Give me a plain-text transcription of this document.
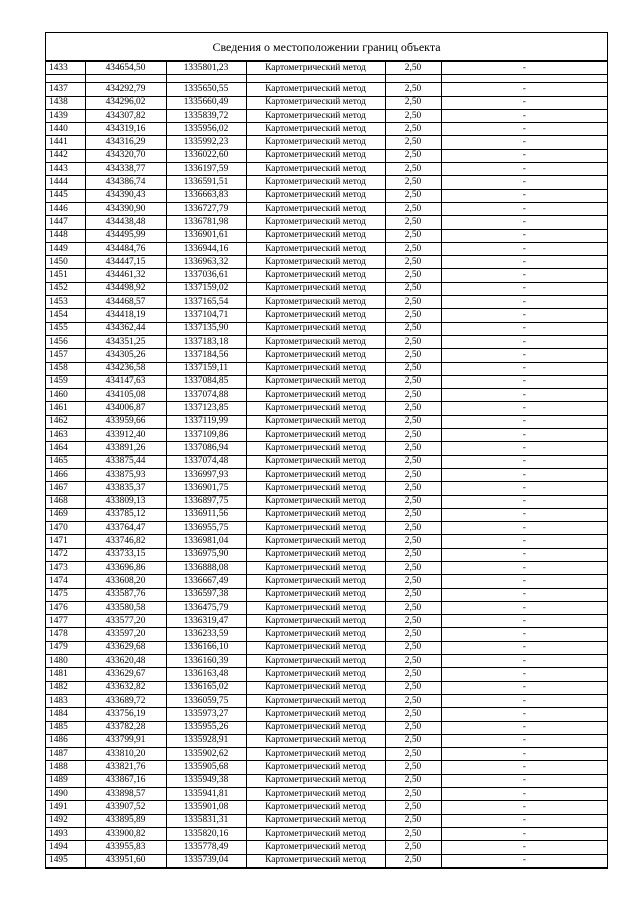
Сведения о местоположении границ объекта
1433	434654,50	1335801,23	Картометрический метод	2,50	-

1437	434292,79	1335650,55	Картометрический метод	2,50	-
1438	434296,02	1335660,49	Картометрический метод	2,50	-
1439	434307,82	1335839,72	Картометрический метод	2,50	-
1440	434319,16	1335956,02	Картометрический метод	2,50	-
1441	434316,29	1335992,23	Картометрический метод	2,50	-
1442	434320,70	1336022,60	Картометрический метод	2,50	-
1443	434338,77	1336197,59	Картометрический метод	2,50	-
1444	434386,74	1336591,51	Картометрический метод	2,50	-
1445	434390,43	1336663,83	Картометрический метод	2,50	-
1446	434390,90	1336727,79	Картометрический метод	2,50	-
1447	434438,48	1336781,98	Картометрический метод	2,50	-
1448	434495,99	1336901,61	Картометрический метод	2,50	-
1449	434484,76	1336944,16	Картометрический метод	2,50	-
1450	434447,15	1336963,32	Картометрический метод	2,50	-
1451	434461,32	1337036,61	Картометрический метод	2,50	-
1452	434498,92	1337159,02	Картометрический метод	2,50	-
1453	434468,57	1337165,54	Картометрический метод	2,50	-
1454	434418,19	1337104,71	Картометрический метод	2,50	-
1455	434362,44	1337135,90	Картометрический метод	2,50	-
1456	434351,25	1337183,18	Картометрический метод	2,50	-
1457	434305,26	1337184,56	Картометрический метод	2,50	-
1458	434236,58	1337159,11	Картометрический метод	2,50	-
1459	434147,63	1337084,85	Картометрический метод	2,50	-
1460	434105,08	1337074,88	Картометрический метод	2,50	-
1461	434006,87	1337123,85	Картометрический метод	2,50	-
1462	433959,66	1337119,99	Картометрический метод	2,50	-
1463	433912,40	1337109,86	Картометрический метод	2,50	-
1464	433891,26	1337086,94	Картометрический метод	2,50	-
1465	433875,44	1337074,48	Картометрический метод	2,50	-
1466	433875,93	1336997,93	Картометрический метод	2,50	-
1467	433835,37	1336901,75	Картометрический метод	2,50	-
1468	433809,13	1336897,75	Картометрический метод	2,50	-
1469	433785,12	1336911,56	Картометрический метод	2,50	-
1470	433764,47	1336955,75	Картометрический метод	2,50	-
1471	433746,82	1336981,04	Картометрический метод	2,50	-
1472	433733,15	1336975,90	Картометрический метод	2,50	-
1473	433696,86	1336888,08	Картометрический метод	2,50	-
1474	433608,20	1336667,49	Картометрический метод	2,50	-
1475	433587,76	1336597,38	Картометрический метод	2,50	-
1476	433580,58	1336475,79	Картометрический метод	2,50	-
1477	433577,20	1336319,47	Картометрический метод	2,50	-
1478	433597,20	1336233,59	Картометрический метод	2,50	-
1479	433629,68	1336166,10	Картометрический метод	2,50	-
1480	433620,48	1336160,39	Картометрический метод	2,50	-
1481	433629,67	1336163,48	Картометрический метод	2,50	-
1482	433632,82	1336165,02	Картометрический метод	2,50	-
1483	433689,72	1336059,75	Картометрический метод	2,50	-
1484	433756,19	1335973,27	Картометрический метод	2,50	-
1485	433782,28	1335955,26	Картометрический метод	2,50	-
1486	433799,91	1335928,91	Картометрический метод	2,50	-
1487	433810,20	1335902,62	Картометрический метод	2,50	-
1488	433821,76	1335905,68	Картометрический метод	2,50	-
1489	433867,16	1335949,38	Картометрический метод	2,50	-
1490	433898,57	1335941,81	Картометрический метод	2,50	-
1491	433907,52	1335901,08	Картометрический метод	2,50	-
1492	433895,89	1335831,31	Картометрический метод	2,50	-
1493	433900,82	1335820,16	Картометрический метод	2,50	-
1494	433955,83	1335778,49	Картометрический метод	2,50	-
1495	433951,60	1335739,04	Картометрический метод	2,50	-
